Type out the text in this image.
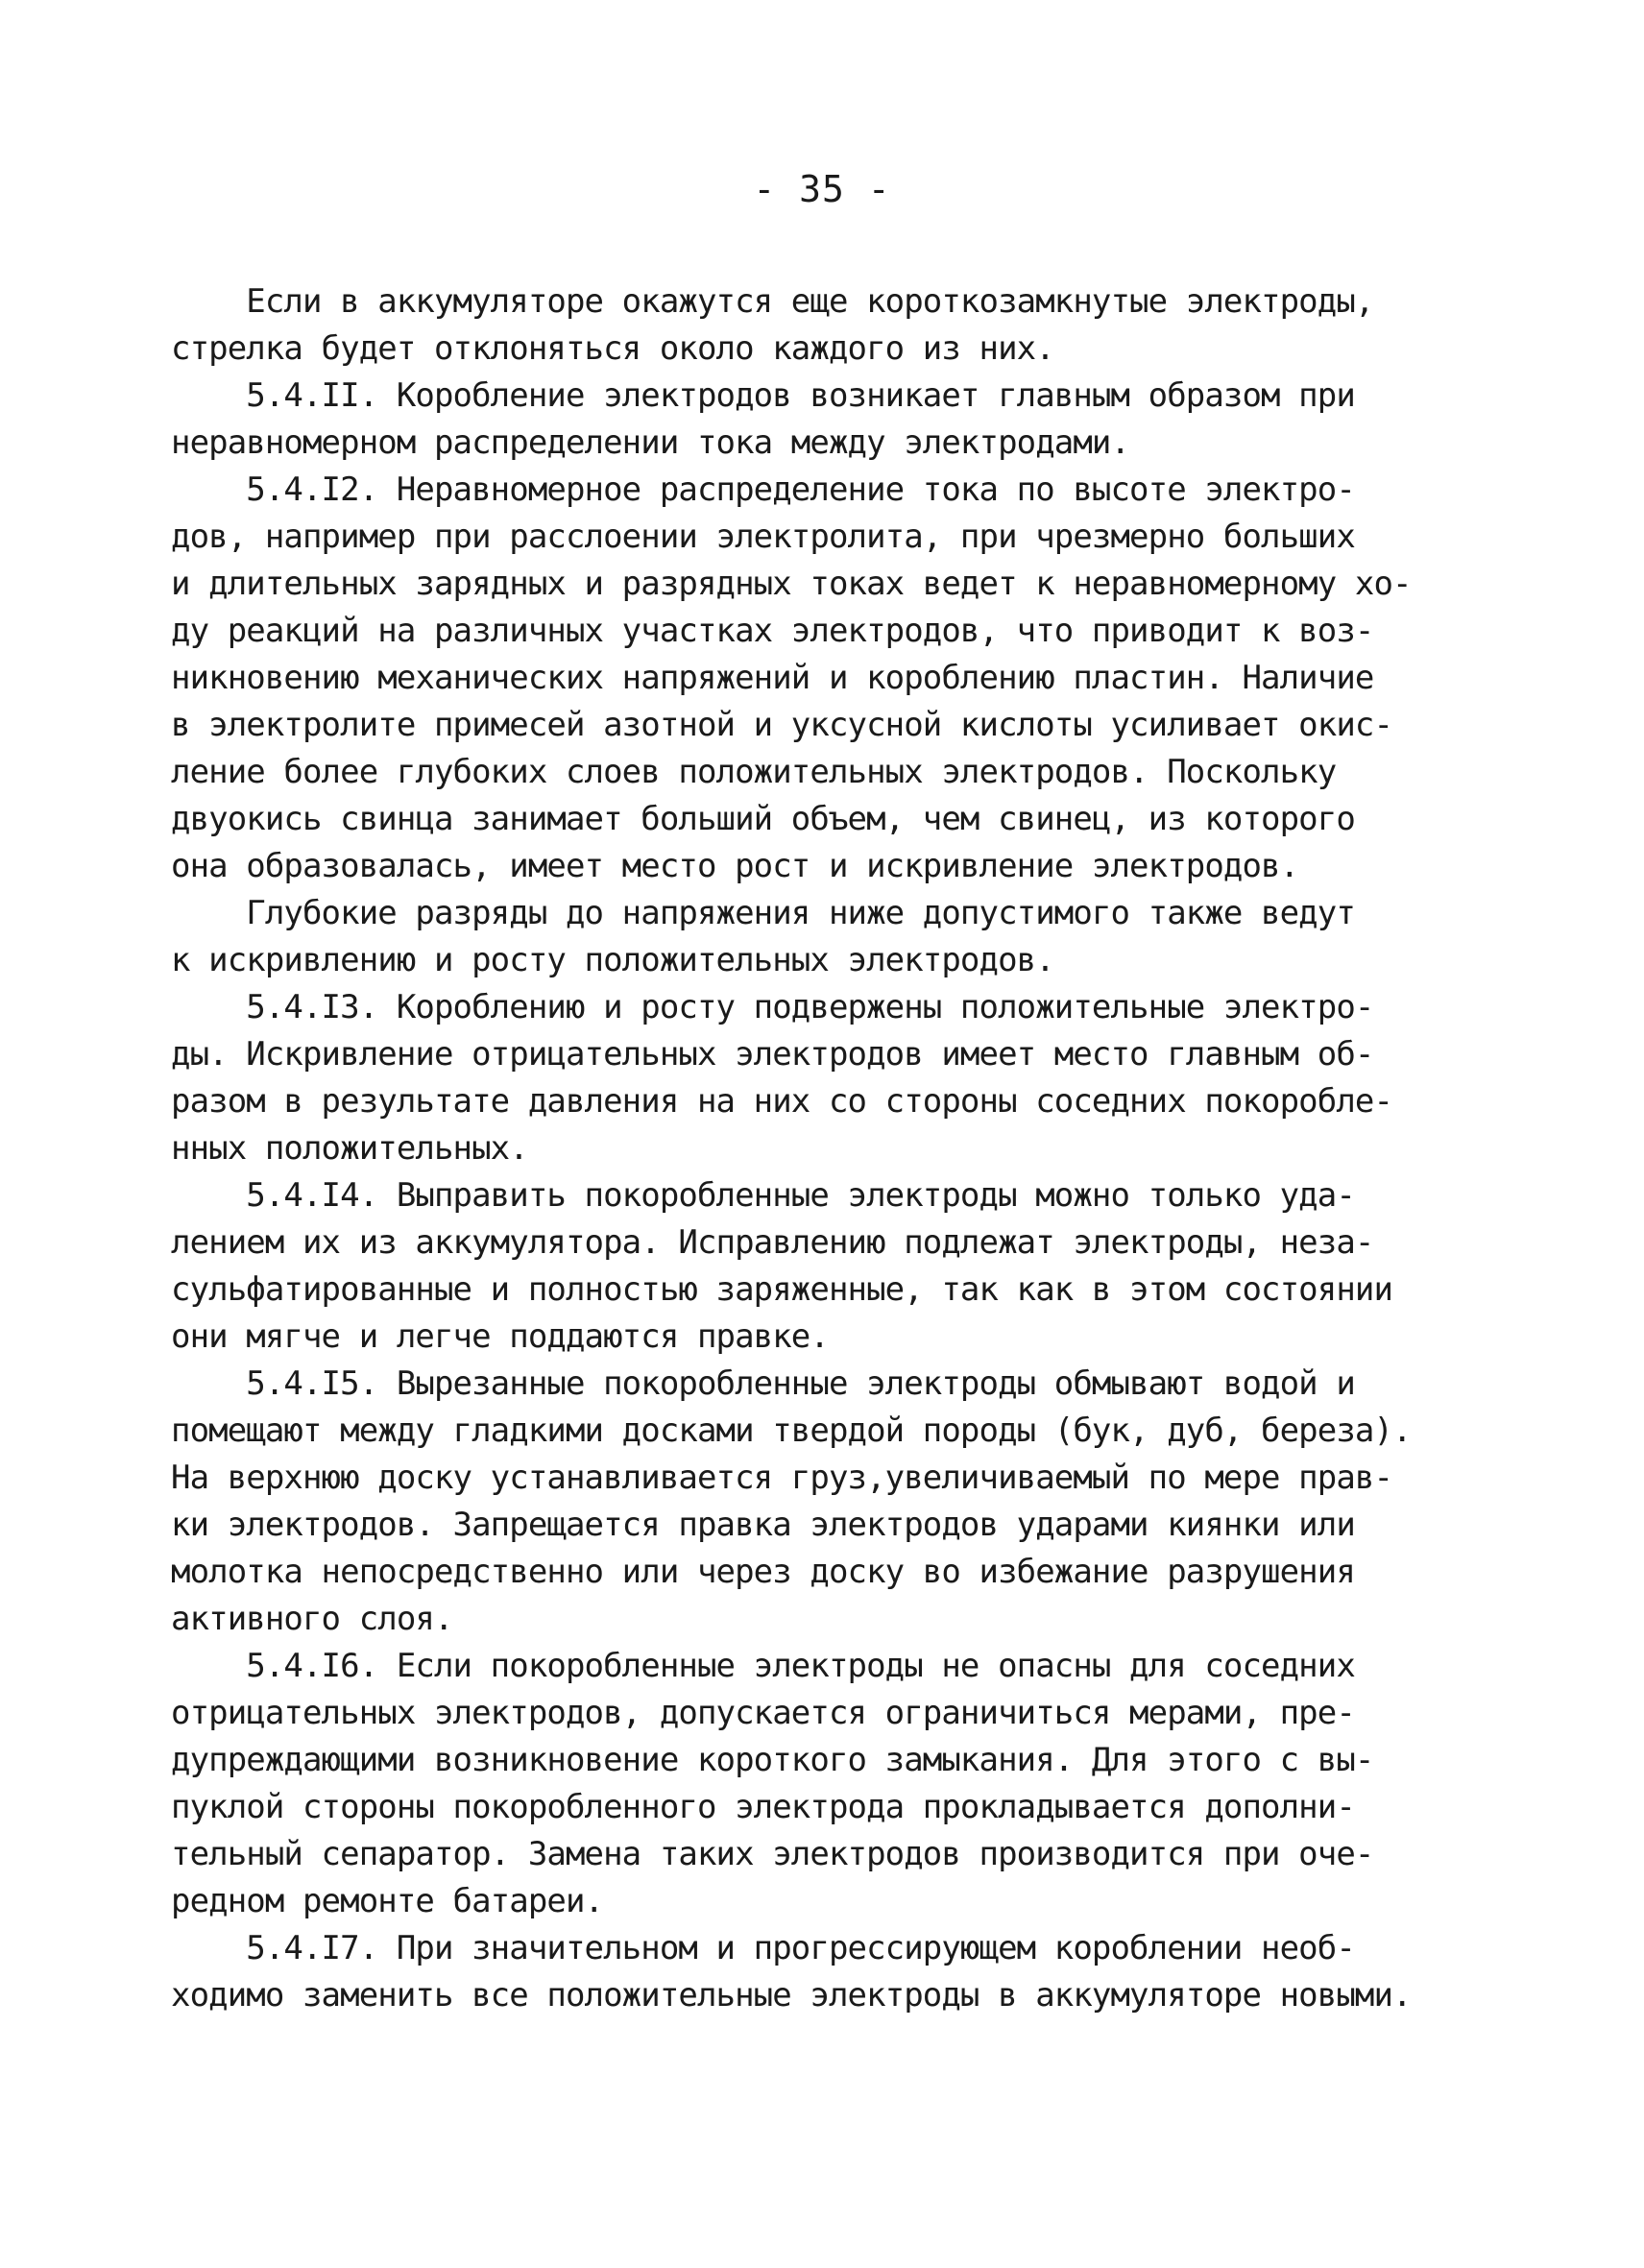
- 35 -
Если в аккумуляторе окажутся еще короткозамкнутые электроды,
стрелка будет отклоняться около каждого из них.
5.4.II. Коробление электродов возникает главным образом при
неравномерном распределении тока между электродами.
5.4.I2. Неравномерное распределение тока по высоте электро-
дов, например при расслоении электролита, при чрезмерно больших
и длительных зарядных и разрядных токах ведет к неравномерному хо-
ду реакций на различных участках электродов, что приводит к воз-
никновению механических напряжений и короблению пластин. Наличие
в электролите примесей азотной и уксусной кислоты усиливает окис-
ление более глубоких слоев положительных электродов. Поскольку
двуокись свинца занимает больший объем, чем свинец, из которого
она образовалась, имеет место рост и искривление электродов.
Глубокие разряды до напряжения ниже допустимого также ведут
к искривлению и росту положительных электродов.
5.4.I3. Короблению и росту подвержены положительные электро-
ды. Искривление отрицательных электродов имеет место главным об-
разом в результате давления на них со стороны соседних покоробле-
нных положительных.
5.4.I4. Выправить покоробленные электроды можно только уда-
лением их из аккумулятора. Исправлению подлежат электроды, неза-
сульфатированные и полностью заряженные, так как в этом состоянии
они мягче и легче поддаются правке.
5.4.I5. Вырезанные покоробленные электроды обмывают водой и
помещают между гладкими досками твердой породы (бук, дуб, береза).
На верхнюю доску устанавливается груз,увеличиваемый по мере прав-
ки электродов. Запрещается правка электродов ударами киянки или
молотка непосредственно или через доску во избежание разрушения
активного слоя.
5.4.I6. Если покоробленные электроды не опасны для соседних
отрицательных электродов, допускается ограничиться мерами, пре-
дупреждающими возникновение короткого замыкания. Для этого с вы-
пуклой стороны покоробленного электрода прокладывается дополни-
тельный сепаратор. Замена таких электродов производится при оче-
редном ремонте батареи.
5.4.I7. При значительном и прогрессирующем короблении необ-
ходимо заменить все положительные электроды в аккумуляторе новыми.
